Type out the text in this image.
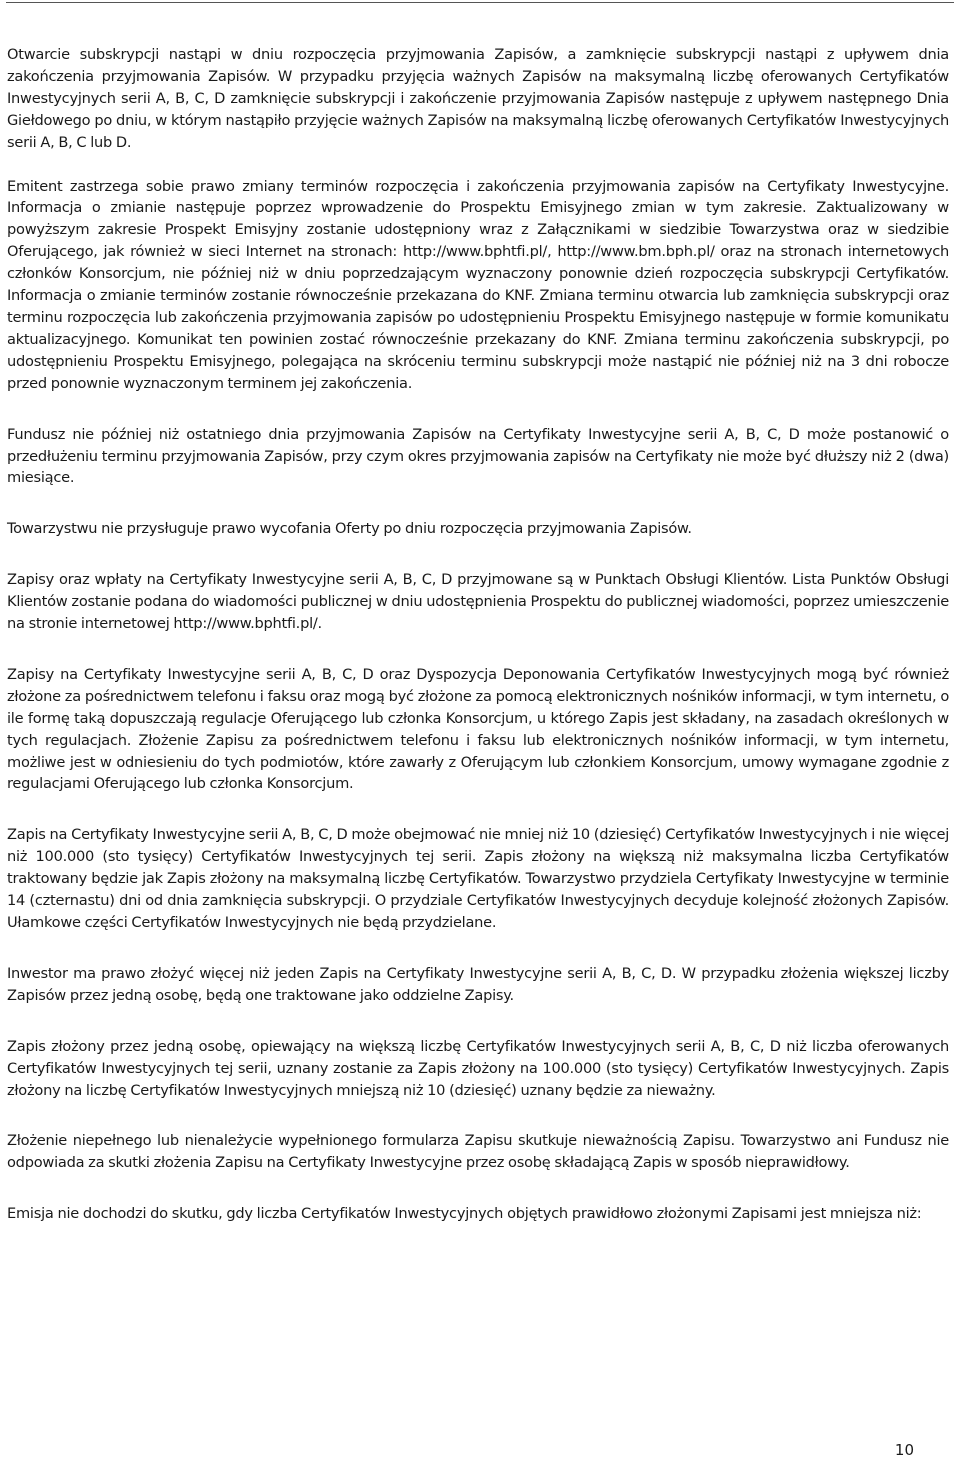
Otwarcie subskrypcji nastąpi w dniu rozpoczęcia przyjmowania Zapisów, a zamknięcie subskrypcji nastąpi z upływem dnia zakończenia przyjmowania Zapisów. W przypadku przyjęcia ważnych Zapisów na maksymalną liczbę oferowanych Certyfikatów Inwestycyjnych serii A, B, C, D zamknięcie subskrypcji i zakończenie przyjmowania Zapisów następuje z upływem następnego Dnia Giełdowego po dniu, w którym nastąpiło przyjęcie ważnych Zapisów na maksymalną liczbę oferowanych Certyfikatów Inwestycyjnych serii A, B, C lub D.

Emitent zastrzega sobie prawo zmiany terminów rozpoczęcia i zakończenia przyjmowania zapisów na Certyfikaty Inwestycyjne. Informacja o zmianie następuje poprzez wprowadzenie do Prospektu Emisyjnego zmian w tym zakresie. Zaktualizowany w powyższym zakresie Prospekt Emisyjny zostanie udostępniony wraz z Załącznikami w siedzibie Towarzystwa oraz w siedzibie Oferującego, jak również w sieci Internet na stronach: http://www.bphtfi.pl/, http://www.bm.bph.pl/ oraz na stronach internetowych członków Konsorcjum, nie później niż w dniu poprzedzającym wyznaczony ponownie dzień rozpoczęcia subskrypcji Certyfikatów. Informacja o zmianie terminów zostanie równocześnie przekazana do KNF. Zmiana terminu otwarcia lub zamknięcia subskrypcji oraz terminu rozpoczęcia lub zakończenia przyjmowania zapisów po udostępnieniu Prospektu Emisyjnego następuje w formie komunikatu aktualizacyjnego. Komunikat ten powinien zostać równocześnie przekazany do KNF. Zmiana terminu zakończenia subskrypcji, po udostępnieniu Prospektu Emisyjnego, polegająca na skróceniu terminu subskrypcji może nastąpić nie później niż na 3 dni robocze przed ponownie wyznaczonym terminem jej zakończenia.

Fundusz nie później niż ostatniego dnia przyjmowania Zapisów na Certyfikaty Inwestycyjne serii A, B, C, D może postanowić o przedłużeniu terminu przyjmowania Zapisów, przy czym okres przyjmowania zapisów na Certyfikaty nie może być dłuższy niż 2 (dwa) miesiące.

Towarzystwu nie przysługuje prawo wycofania Oferty po dniu rozpoczęcia przyjmowania Zapisów.

Zapisy oraz wpłaty na Certyfikaty Inwestycyjne serii A, B, C, D przyjmowane są w Punktach Obsługi Klientów. Lista Punktów Obsługi Klientów zostanie podana do wiadomości publicznej w dniu udostępnienia Prospektu do publicznej wiadomości, poprzez umieszczenie na stronie internetowej http://www.bphtfi.pl/.

Zapisy na Certyfikaty Inwestycyjne serii A, B, C, D oraz Dyspozycja Deponowania Certyfikatów Inwestycyjnych mogą być również złożone za pośrednictwem telefonu i faksu oraz mogą być złożone za pomocą elektronicznych nośników informacji, w tym internetu, o ile formę taką dopuszczają regulacje Oferującego lub członka Konsorcjum, u którego Zapis jest składany, na zasadach określonych w tych regulacjach. Złożenie Zapisu za pośrednictwem telefonu i faksu lub elektronicznych nośników informacji, w tym internetu, możliwe jest w odniesieniu do tych podmiotów, które zawarły z Oferującym lub członkiem Konsorcjum, umowy wymagane zgodnie z regulacjami Oferującego lub członka Konsorcjum.

Zapis na Certyfikaty Inwestycyjne serii A, B, C, D może obejmować nie mniej niż 10 (dziesięć) Certyfikatów Inwestycyjnych i nie więcej niż 100.000 (sto tysięcy) Certyfikatów Inwestycyjnych tej serii. Zapis złożony na większą niż maksymalna liczba Certyfikatów traktowany będzie jak Zapis złożony na maksymalną liczbę Certyfikatów. Towarzystwo przydziela Certyfikaty Inwestycyjne w terminie 14 (czternastu) dni od dnia zamknięcia subskrypcji. O przydziale Certyfikatów Inwestycyjnych decyduje kolejność złożonych Zapisów. Ułamkowe części Certyfikatów Inwestycyjnych nie będą przydzielane.

Inwestor ma prawo złożyć więcej niż jeden Zapis na Certyfikaty Inwestycyjne serii A, B, C, D. W przypadku złożenia większej liczby Zapisów przez jedną osobę, będą one traktowane jako oddzielne Zapisy.

Zapis złożony przez jedną osobę, opiewający na większą liczbę Certyfikatów Inwestycyjnych serii A, B, C, D niż liczba oferowanych Certyfikatów Inwestycyjnych tej serii, uznany zostanie za Zapis złożony na 100.000 (sto tysięcy) Certyfikatów Inwestycyjnych. Zapis złożony na liczbę Certyfikatów Inwestycyjnych mniejszą niż 10 (dziesięć) uznany będzie za nieważny.

Złożenie niepełnego lub nienależycie wypełnionego formularza Zapisu skutkuje nieważnością Zapisu. Towarzystwo ani Fundusz nie odpowiada za skutki złożenia Zapisu na Certyfikaty Inwestycyjne przez osobę składającą Zapis w sposób nieprawidłowy.

Emisja nie dochodzi do skutku, gdy liczba Certyfikatów Inwestycyjnych objętych prawidłowo złożonymi Zapisami jest mniejsza niż:

10
